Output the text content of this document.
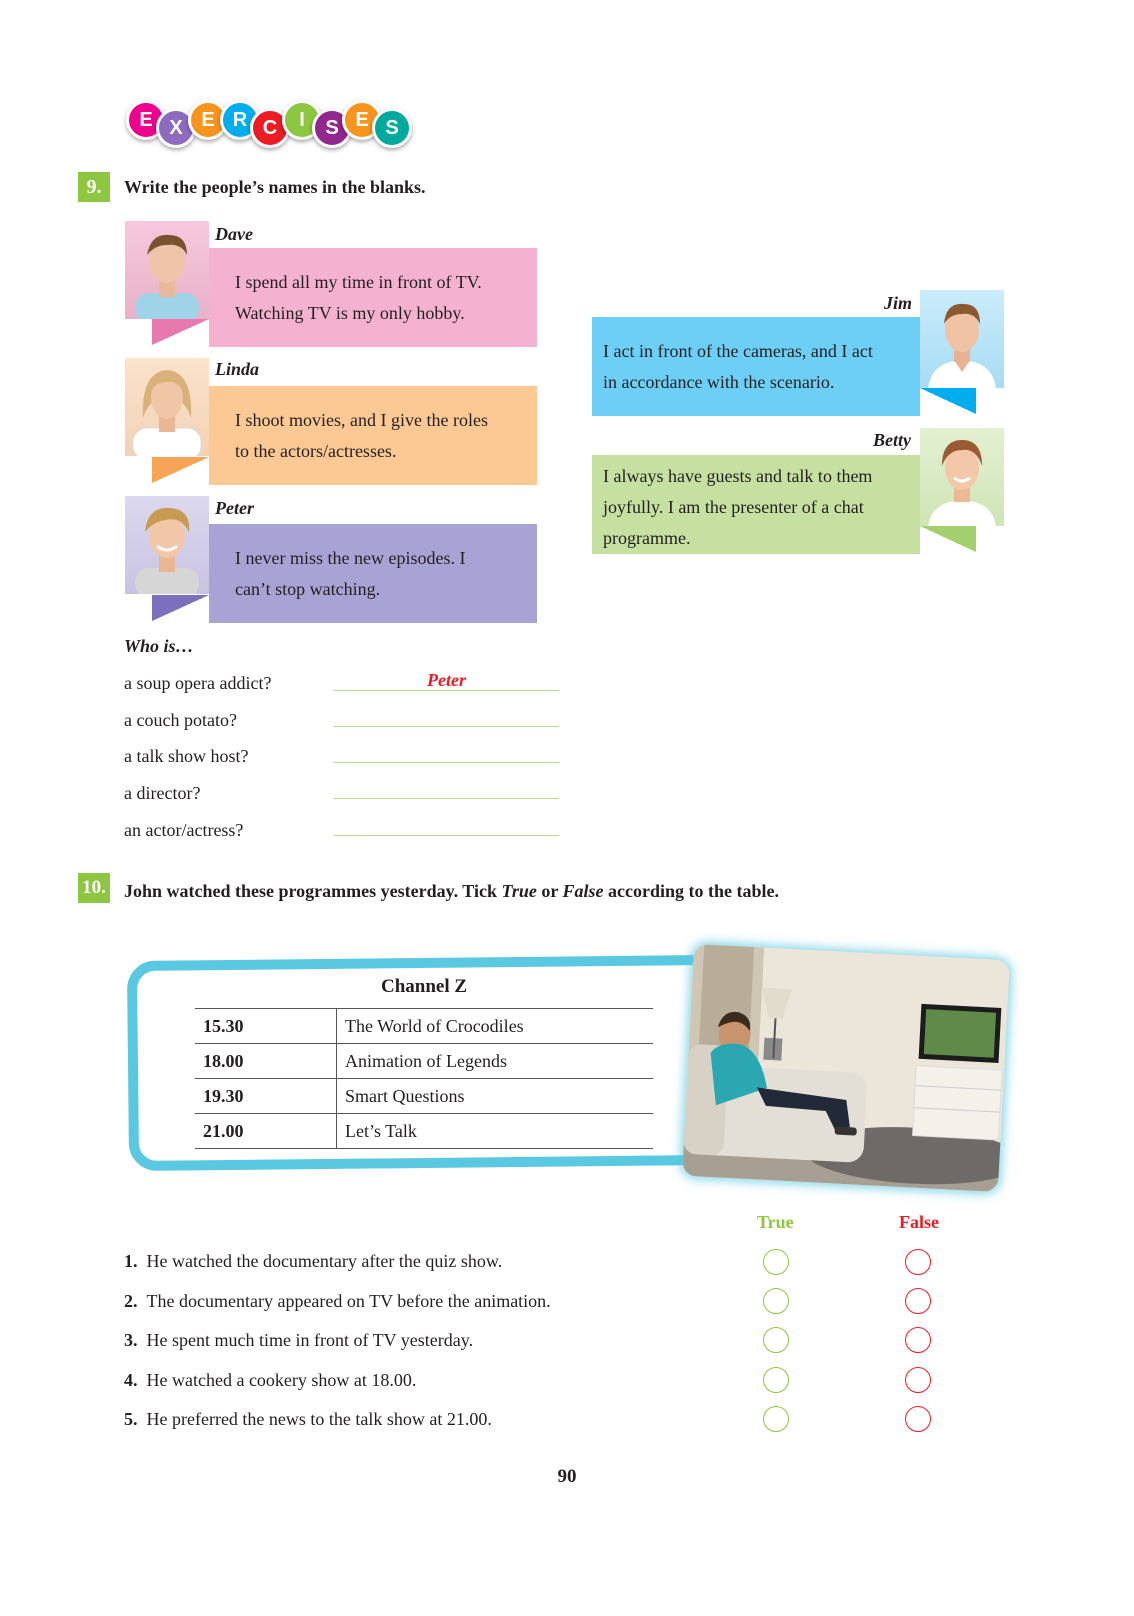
E X E R C	I	S E S
9.	Write the people’s names in the blanks.
Dave
I spend all my time in front of TV.
Watching TV is my only hobby.
Linda
I shoot movies, and I give the roles
to the actors/actresses.
Peter
I never miss the new episodes. I
can’t stop watching.
Jim
I act in front of the cameras, and I act
in accordance with the scenario.
Betty
I always have guests and talk to them
joyfully. I am the presenter of a chat
programme.
Who is…
a soup opera addict?	Peter
a couch potato?
a talk show host?
a director?
an actor/actress?
10. John watched these programmes yesterday. Tick True or False according to the table.
Channel Z
15.30	The World of Crocodiles
18.00	Animation of Legends
19.30	Smart Questions
21.00	Let’s Talk
True	False
1. He watched the documentary after the quiz show.
2. The documentary appeared on TV before the animation.
3. He spent much time in front of TV yesterday.
4. He watched a cookery show at 18.00.
5. He preferred the news to the talk show at 21.00.
90
